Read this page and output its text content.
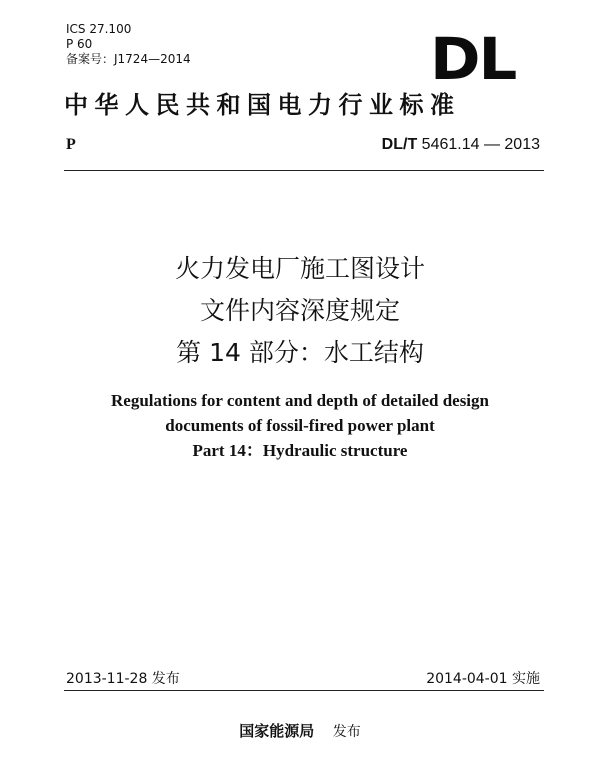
ICS 27.100
P 60
备案号：J1724—2014	DL
中华人民共和国电力行业标准
P	DL/T 5461.14 — 2013
火力发电厂施工图设计
文件内容深度规定
第 14 部分：水工结构
Regulations for content and depth of detailed design
documents of fossil-fired power plant
Part 14：Hydraulic structure
2013-11-28 发布	2014-04-01 实施
国家能源局 发布
